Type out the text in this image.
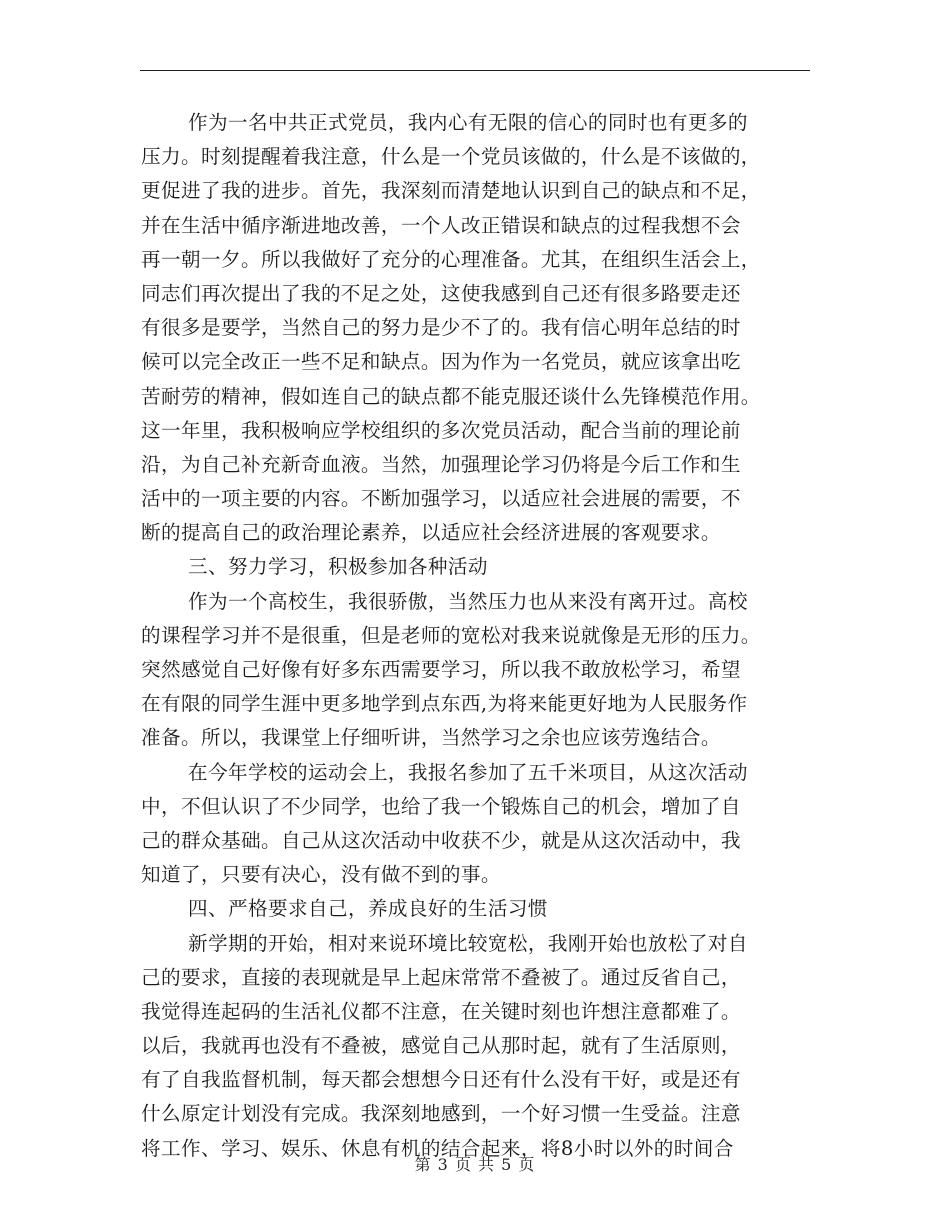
作为一名中共正式党员，我内心有无限的信心的同时也有更多的
压力。时刻提醒着我注意，什么是一个党员该做的，什么是不该做的，
更促进了我的进步。首先，我深刻而清楚地认识到自己的缺点和不足，
并在生活中循序渐进地改善，一个人改正错误和缺点的过程我想不会
再一朝一夕。所以我做好了充分的心理准备。尤其，在组织生活会上，
同志们再次提出了我的不足之处，这使我感到自己还有很多路要走还
有很多是要学，当然自己的努力是少不了的。我有信心明年总结的时
候可以完全改正一些不足和缺点。因为作为一名党员，就应该拿出吃
苦耐劳的精神，假如连自己的缺点都不能克服还谈什么先锋模范作用。
这一年里，我积极响应学校组织的多次党员活动，配合当前的理论前
沿，为自己补充新奇血液。当然，加强理论学习仍将是今后工作和生
活中的一项主要的内容。不断加强学习，以适应社会进展的需要，不
断的提高自己的政治理论素养，以适应社会经济进展的客观要求。
三、努力学习，积极参加各种活动
作为一个高校生，我很骄傲，当然压力也从来没有离开过。高校
的课程学习并不是很重，但是老师的宽松对我来说就像是无形的压力。
突然感觉自己好像有好多东西需要学习，所以我不敢放松学习，希望
在有限的同学生涯中更多地学到点东西,为将来能更好地为人民服务作
准备。所以，我课堂上仔细听讲，当然学习之余也应该劳逸结合。
在今年学校的运动会上，我报名参加了五千米项目，从这次活动
中，不但认识了不少同学，也给了我一个锻炼自己的机会，增加了自
己的群众基础。自己从这次活动中收获不少，就是从这次活动中，我
知道了，只要有决心，没有做不到的事。
四、严格要求自己，养成良好的生活习惯
新学期的开始，相对来说环境比较宽松，我刚开始也放松了对自
己的要求，直接的表现就是早上起床常常不叠被了。通过反省自己，
我觉得连起码的生活礼仪都不注意，在关键时刻也许想注意都难了。
以后，我就再也没有不叠被，感觉自己从那时起，就有了生活原则，
有了自我监督机制，每天都会想想今日还有什么没有干好，或是还有
什么原定计划没有完成。我深刻地感到，一个好习惯一生受益。注意
将工作、学习、娱乐、休息有机的结合起来，将8小时以外的时间合
第 3 页 共 5 页
